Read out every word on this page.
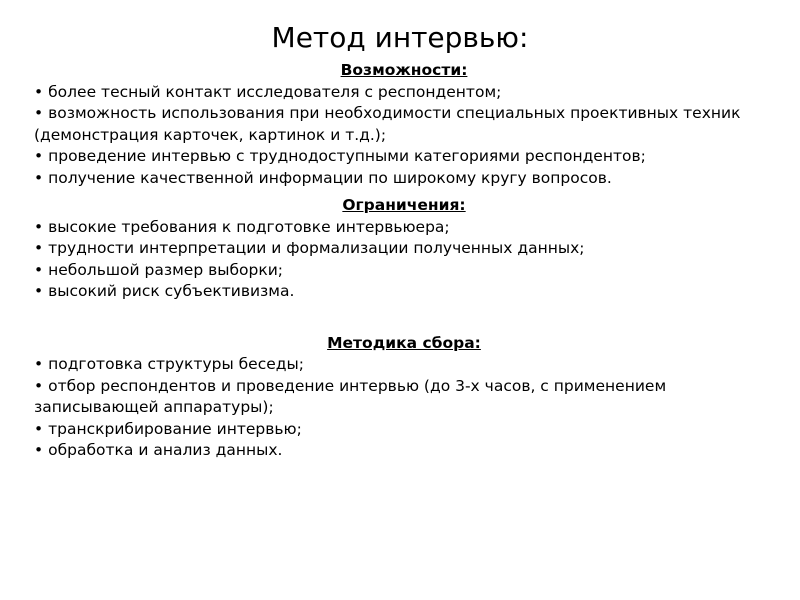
Метод интервью:
Возможности:
• более тесный контакт исследователя с респондентом;
• возможность использования при необходимости специальных проективных техник (демонстрация карточек, картинок и т.д.);
• проведение интервью с труднодоступными категориями респондентов;
• получение качественной информации по широкому кругу вопросов.
Ограничения:
• высокие требования к подготовке интервьюера;
• трудности интерпретации и формализации полученных данных;
• небольшой размер выборки;
• высокий риск субъективизма.
Методика сбора:
• подготовка структуры беседы;
• отбор респондентов и проведение интервью (до 3-х часов, с применением записывающей аппаратуры);
• транскрибирование интервью;
• обработка и анализ данных.
